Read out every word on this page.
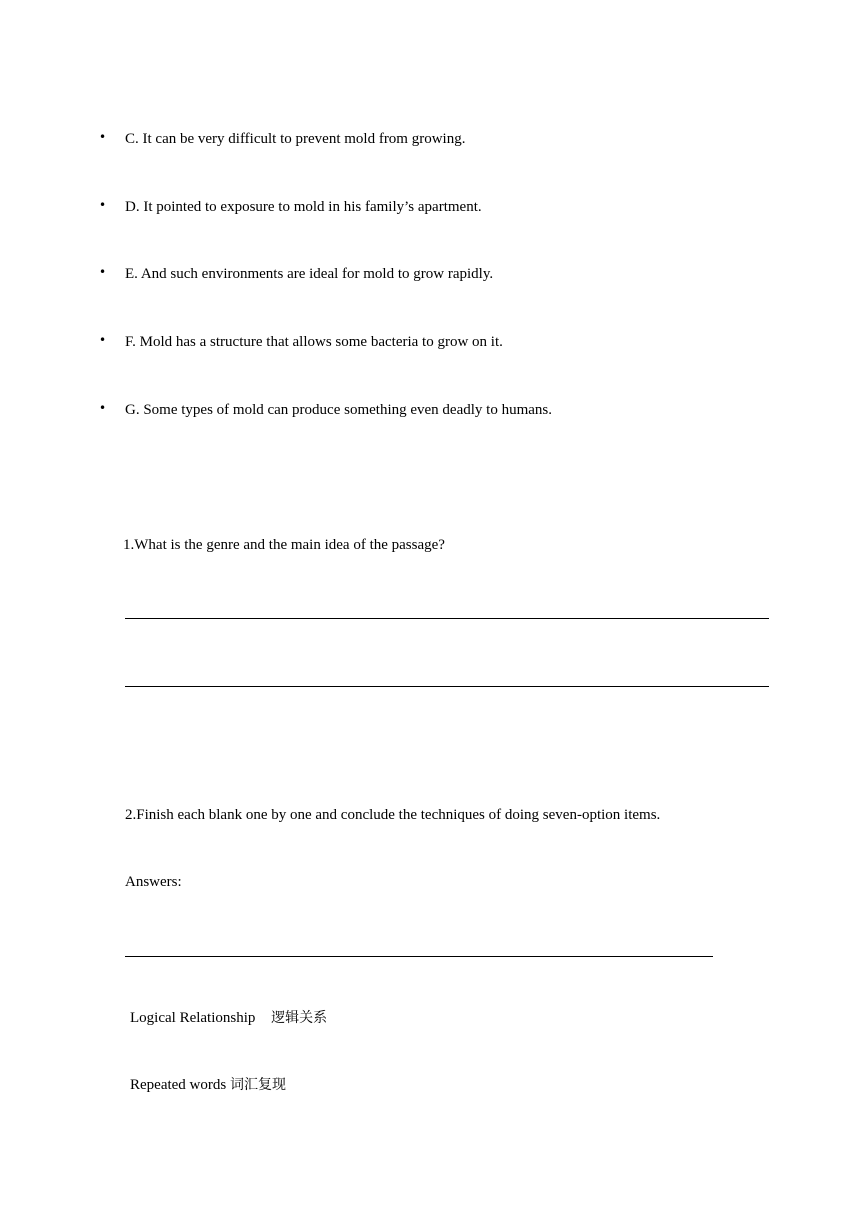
• C. It can be very difficult to prevent mold from growing.
• D. It pointed to exposure to mold in his family’s apartment.
• E. And such environments are ideal for mold to grow rapidly.
• F. Mold has a structure that allows some bacteria to grow on it.
• G. Some types of mold can produce something even deadly to humans.
1.What is the genre and the main idea of the passage?
2.Finish each blank one by one and conclude the techniques of doing seven-option items.
Answers:
Logical Relationship 逻辑关系
Repeated words 词汇复现
